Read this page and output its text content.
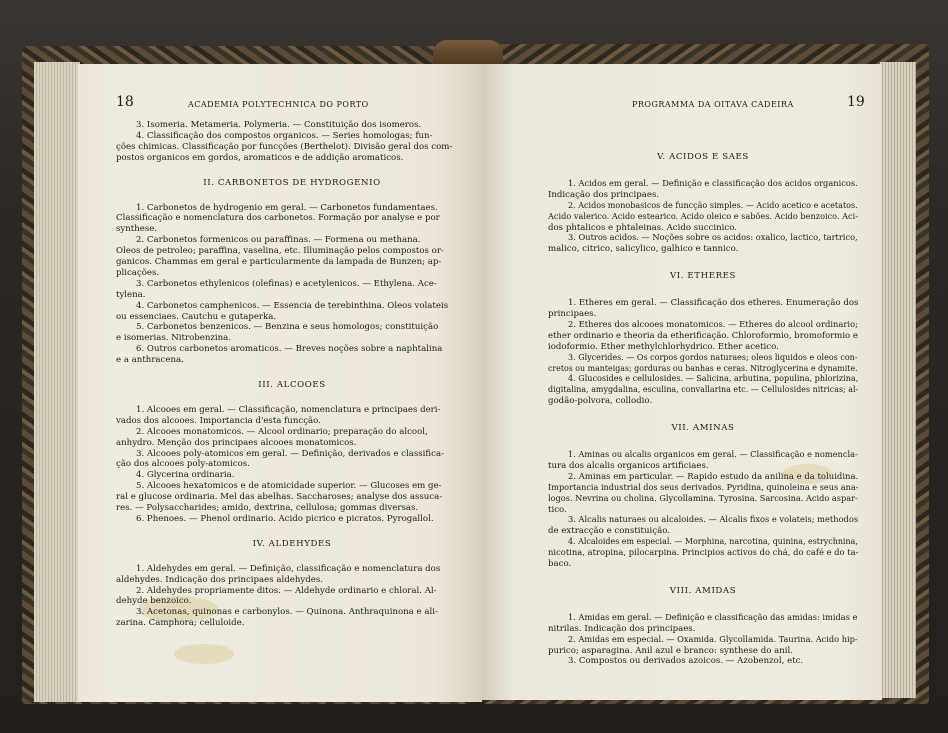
18	ACADEMIA POLYTECHNICA DO PORTO
3. Isomeria. Metameria. Polymeria. — Constituição dos isomeros.
4. Classificação dos compostos organicos. — Series homologas; fun-
ções chimicas. Classificação por funcções (Berthelot). Divisão geral dos com-
postos organicos em gordos, aromaticos e de addição aromaticos.
II. CARBONETOS DE HYDROGENIO
1. Carbonetos de hydrogenio em geral. — Carbonetos fundamentaes.
Classificação e nomenclatura dos carbonetos. Formação por analyse e por
synthese.
2. Carbonetos formenicos ou paraffinas. — Formena ou methana.
Oleos de petroleo; paraffina, vaselina, etc. Illuminação pelos compostos or-
ganicos. Chammas em geral e particularmente da lampada de Bunzen; ap-
plicações.
3. Carbonetos ethylenicos (olefinas) e acetylenicos. — Ethylena. Ace-
tylena.
4. Carbonetos camphenicos. — Essencia de terebinthina. Oleos volateis
ou essenciaes. Cautchu e gutaperka.
5. Carbonetos benzenicos. — Benzina e seus homologos; constituição
e isomerias. Nitrobenzina.
6. Outros carbonetos aromaticos. — Breves noções sobre a naphtalina
e a anthracena.
III. ALCOOES
1. Alcooes em geral. — Classificação, nomenclatura e principaes deri-
vados dos alcooes. Importancia d'esta funcção.
2. Alcooes monatomicos. — Alcool ordinario; preparação do alcool,
anhydro. Menção dos principaes alcooes monatomicos.
3. Alcooes poly-atomicos em geral. — Definição, derivados e classifica-
ção dos alcooes poly-atomicos.
4. Glycerina ordinaria.
5. Alcooes hexatomicos e de atomicidade superior. — Glucoses em ge-
ral e glucose ordinaria. Mel das abelhas. Saccharoses; analyse dos assuca-
res. — Polysaccharides; amido, dextrina, cellulosa; gommas diversas.
6. Phenoes. — Phenol ordinario. Acido picrico e picratos. Pyrogallol.
IV. ALDEHYDES
1. Aldehydes em geral. — Definição, classificação e nomenclatura dos
aldehydes. Indicação dos principaes aldehydes.
2. Aldehydes propriamente ditos. — Aldehyde ordinario e chloral. Al-
dehyde benzoico.
3. Acetonas, quinonas e carbonylos. — Quinona. Anthraquinona e ali-
zarina. Camphora; celluloide.
PROGRAMMA DA OITAVA CADEIRA	19
V. ACIDOS E SAES
1. Acidos em geral. — Definição e classificação dos acidos organicos.
Indicação dos principaes.
2. Acidos monobasicos de funcção simples. — Acido acetico e acetatos.
Acido valerico. Acido estearico. Acido oleico e sabões. Acido benzoico. Aci-
dos phtalicos e phtaleinas. Acido succinico.
3. Outros acidos. — Noções sobre os acidos: oxalico, lactico, tartrico,
malico, citrico, salicylico, galhico e tannico.
VI. ETHERES
1. Etheres em geral. — Classificação dos etheres. Enumeração dos
principaes.
2. Etheres dos alcooes monatomicos. — Etheres do alcool ordinario;
ether ordinario e theoria da etherificação. Chloroformio, bromoformio e
iodoformio. Ether methylchlorhydrico. Ether acetico.
3. Glycerides. — Os corpos gordos naturaes; oleos liquidos e oleos con-
cretos ou manteigas; gorduras ou banhas e ceras. Nitroglycerina e dynamite.
4. Glucosides e cellulosides. — Salicina, arbutina, populina, phlorizina,
digitalina, amygdalina, esculina, convallarina etc. — Cellulosides nitricas; al-
godão-polvora, collodio.
VII. AMINAS
1. Aminas ou alcalis organicos em geral. — Classificação e nomencla-
tura dos alcalis organicos artificiaes.
2. Aminas em particular. — Rapido estudo da anilina e da toluidina.
Importancia industrial dos seus derivados. Pyridina, quinoleina e seus ana-
logos. Nevrina ou cholina. Glycollamina. Tyrosina. Sarcosina. Acido aspar-
tico.
3. Alcalis naturaes ou alcaloides. — Alcalis fixos e volateis; methodos
de extracção e constituição.
4. Alcaloides em especial. — Morphina, narcotina, quinina, estrychnina,
nicotina, atropina, pilocarpina. Principios activos do chá, do café e do ta-
baco.
VIII. AMIDAS
1. Amidas em geral. — Definição e classificação das amidas: imidas e
nitrilas. Indicação dos principaes.
2. Amidas em especial. — Oxamida. Glycollamida. Taurina. Acido hip-
purico; asparagina. Anil azul e branco: synthese do anil.
3. Compostos ou derivados azoicos. — Azobenzol, etc.
